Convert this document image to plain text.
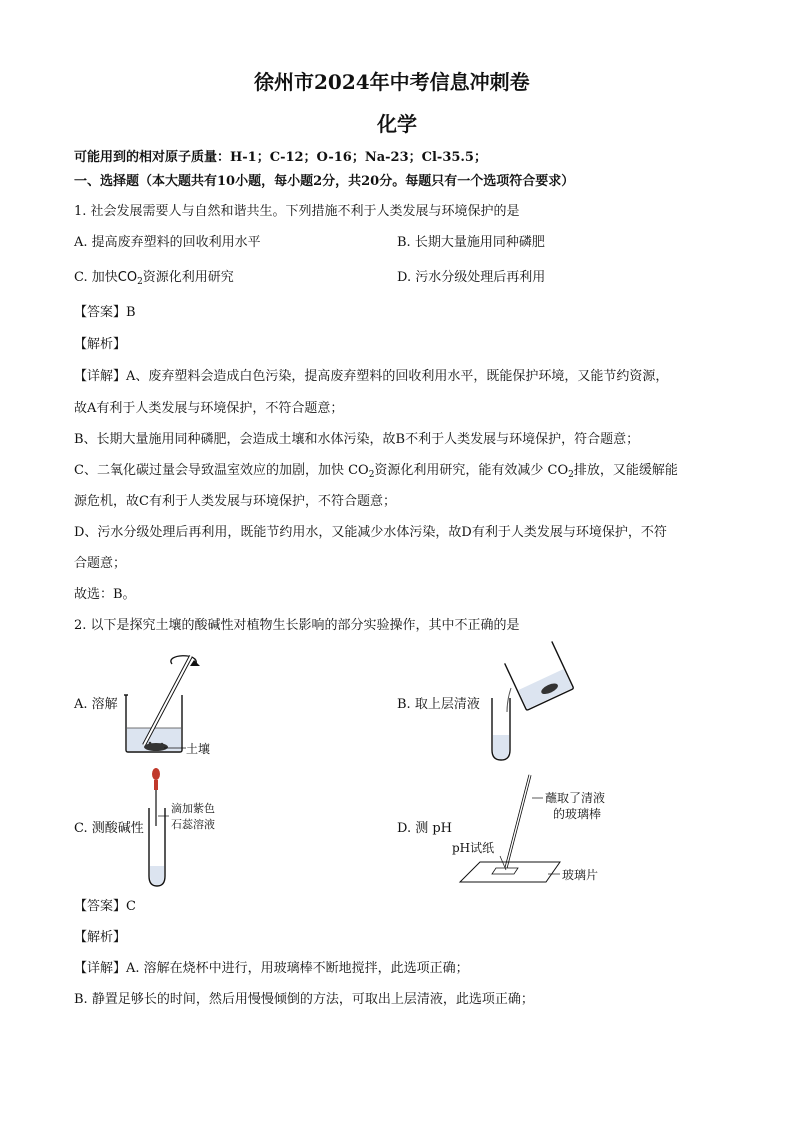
徐州市2024年中考信息冲刺卷
化学
可能用到的相对原子质量：H-1；C-12；O-16；Na-23；Cl-35.5；
一、选择题（本大题共有10小题，每小题2分，共20分。每题只有一个选项符合要求）
1. 社会发展需要人与自然和谐共生。下列措施不利于人类发展与环境保护的是
A. 提高废弃塑料的回收利用水平	B. 长期大量施用同种磷肥
C. 加快$CO_2$资源化利用研究	D. 污水分级处理后再利用
【答案】B
【解析】
【详解】A、废弃塑料会造成白色污染，提高废弃塑料的回收利用水平，既能保护环境，又能节约资源，
故A有利于人类发展与环境保护，不符合题意；
B、长期大量施用同种磷肥，会造成土壤和水体污染，故B不利于人类发展与环境保护，符合题意；
C、二氧化碳过量会导致温室效应的加剧，加快 $CO_2$资源化利用研究，能有效减少 $CO_2$排放，又能缓解能
源危机，故C有利于人类发展与环境保护，不符合题意；
D、污水分级处理后再利用，既能节约用水，又能减少水体污染，故D有利于人类发展与环境保护，不符
合题意；
故选：B。
2. 以下是探究土壤的酸碱性对植物生长影响的部分实验操作，其中不正确的是
A. 溶解	B. 取上层清液
C. 测酸碱性	D. 测 pH
土壤
滴加紫色
石蕊溶液
蘸取了清液
的玻璃棒
pH试纸
玻璃片
【答案】C
【解析】
【详解】A. 溶解在烧杯中进行，用玻璃棒不断地搅拌，此选项正确；
B. 静置足够长的时间，然后用慢慢倾倒的方法，可取出上层清液，此选项正确；
